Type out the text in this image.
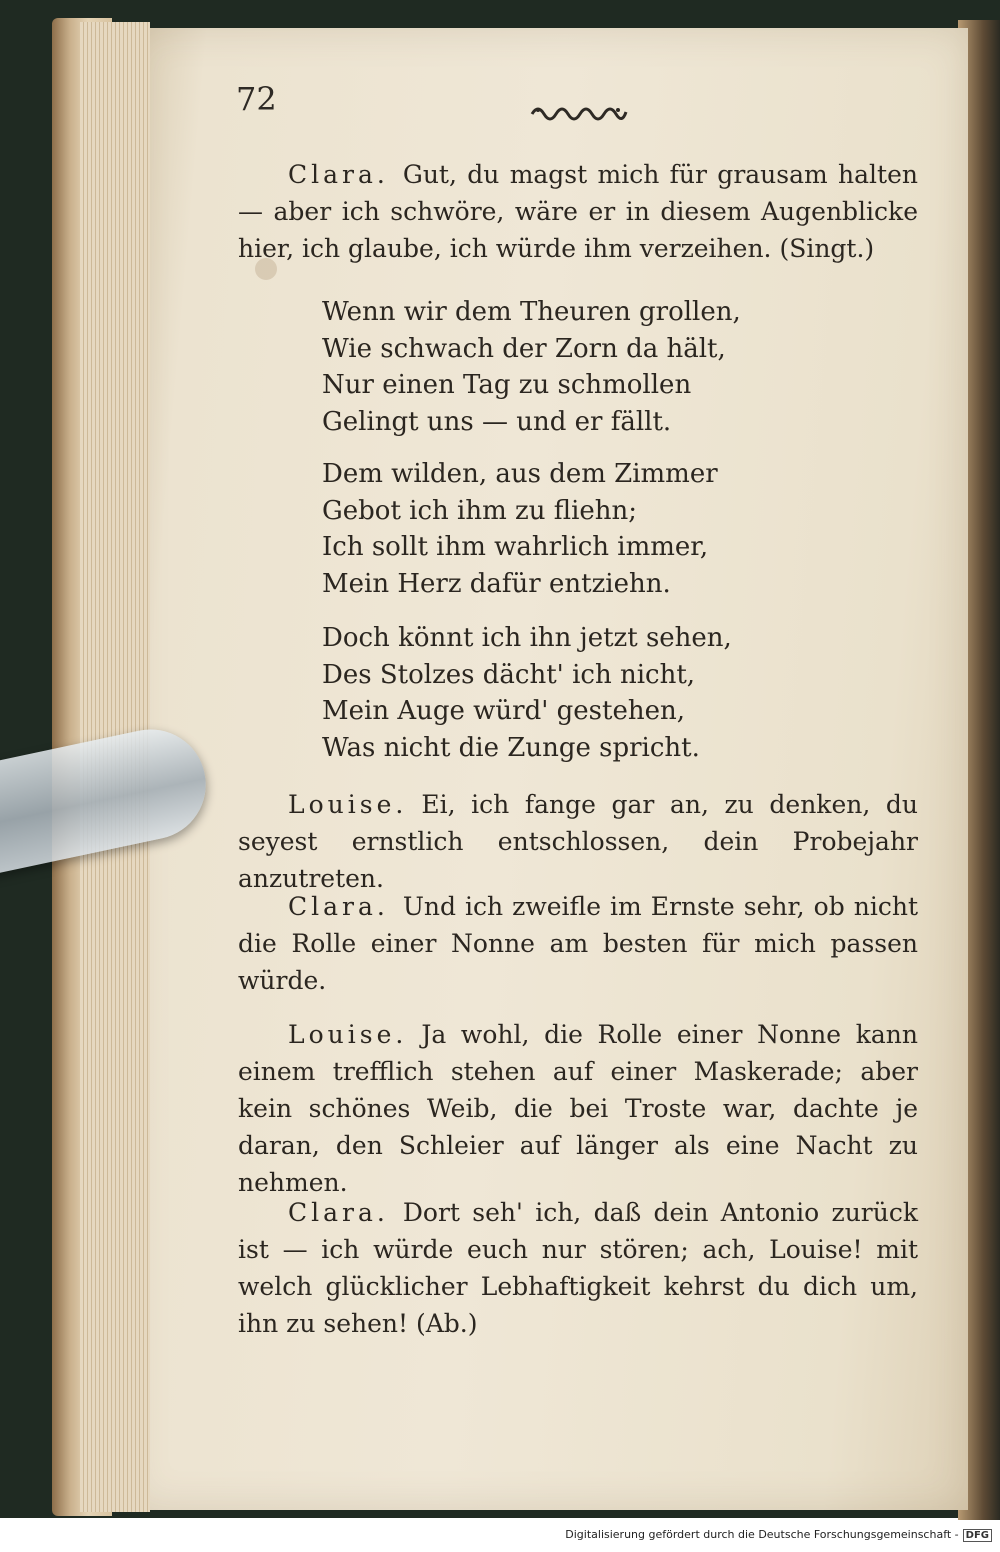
72
Clara. Gut, du magst mich für grausam halten — aber ich schwöre, wäre er in diesem Augenblicke hier, ich glaube, ich würde ihm verzeihen. (Singt.)
Wenn wir dem Theuren grollen,
Wie schwach der Zorn da hält,
Nur einen Tag zu schmollen
Gelingt uns — und er fällt.
Dem wilden, aus dem Zimmer
Gebot ich ihm zu fliehn;
Ich sollt ihm wahrlich immer,
Mein Herz dafür entziehn.
Doch könnt ich ihn jetzt sehen,
Des Stolzes dächt' ich nicht,
Mein Auge würd' gestehen,
Was nicht die Zunge spricht.
Louise. Ei, ich fange gar an, zu denken, du seyest ernstlich entschlossen, dein Probejahr anzutreten.
Clara. Und ich zweifle im Ernste sehr, ob nicht die Rolle einer Nonne am besten für mich passen würde.
Louise. Ja wohl, die Rolle einer Nonne kann einem trefflich stehen auf einer Maskerade; aber kein schönes Weib, die bei Troste war, dachte je daran, den Schleier auf länger als eine Nacht zu nehmen.
Clara. Dort seh' ich, daß dein Antonio zurück ist — ich würde euch nur stören; ach, Louise! mit welch glücklicher Lebhaftigkeit kehrst du dich um, ihn zu sehen! (Ab.)
Digitalisierung gefördert durch die Deutsche Forschungsgemeinschaft - DFG
